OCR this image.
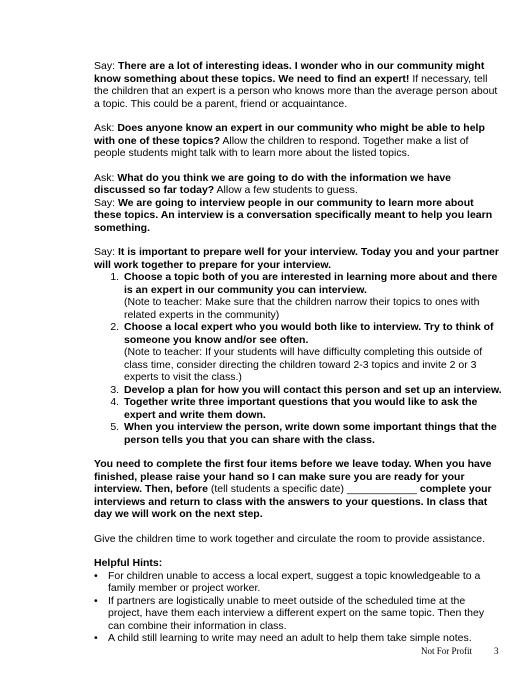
Say: There are a lot of interesting ideas. I wonder who in our community might know something about these topics. We need to find an expert! If necessary, tell the children that an expert is a person who knows more than the average person about a topic. This could be a parent, friend or acquaintance.

Ask: Does anyone know an expert in our community who might be able to help with one of these topics? Allow the children to respond. Together make a list of people students might talk with to learn more about the listed topics.

Ask: What do you think we are going to do with the information we have discussed so far today? Allow a few students to guess.
Say: We are going to interview people in our community to learn more about these topics. An interview is a conversation specifically meant to help you learn something.

Say: It is important to prepare well for your interview. Today you and your partner will work together to prepare for your interview.
1. Choose a topic both of you are interested in learning more about and there is an expert in our community you can interview.
(Note to teacher: Make sure that the children narrow their topics to ones with related experts in the community)
2. Choose a local expert who you would both like to interview. Try to think of someone you know and/or see often.
(Note to teacher: If your students will have difficulty completing this outside of class time, consider directing the children toward 2-3 topics and invite 2 or 3 experts to visit the class.)
3. Develop a plan for how you will contact this person and set up an interview.
4. Together write three important questions that you would like to ask the expert and write them down.
5. When you interview the person, write down some important things that the person tells you that you can share with the class.

You need to complete the first four items before we leave today. When you have finished, please raise your hand so I can make sure you are ready for your interview. Then, before (tell students a specific date) ____________ complete your interviews and return to class with the answers to your questions. In class that day we will work on the next step.

Give the children time to work together and circulate the room to provide assistance.

Helpful Hints:
• For children unable to access a local expert, suggest a topic knowledgeable to a family member or project worker.
• If partners are logistically unable to meet outside of the scheduled time at the project, have them each interview a different expert on the same topic. Then they can combine their information in class.
• A child still learning to write may need an adult to help them take simple notes.
Not For Profit 3
